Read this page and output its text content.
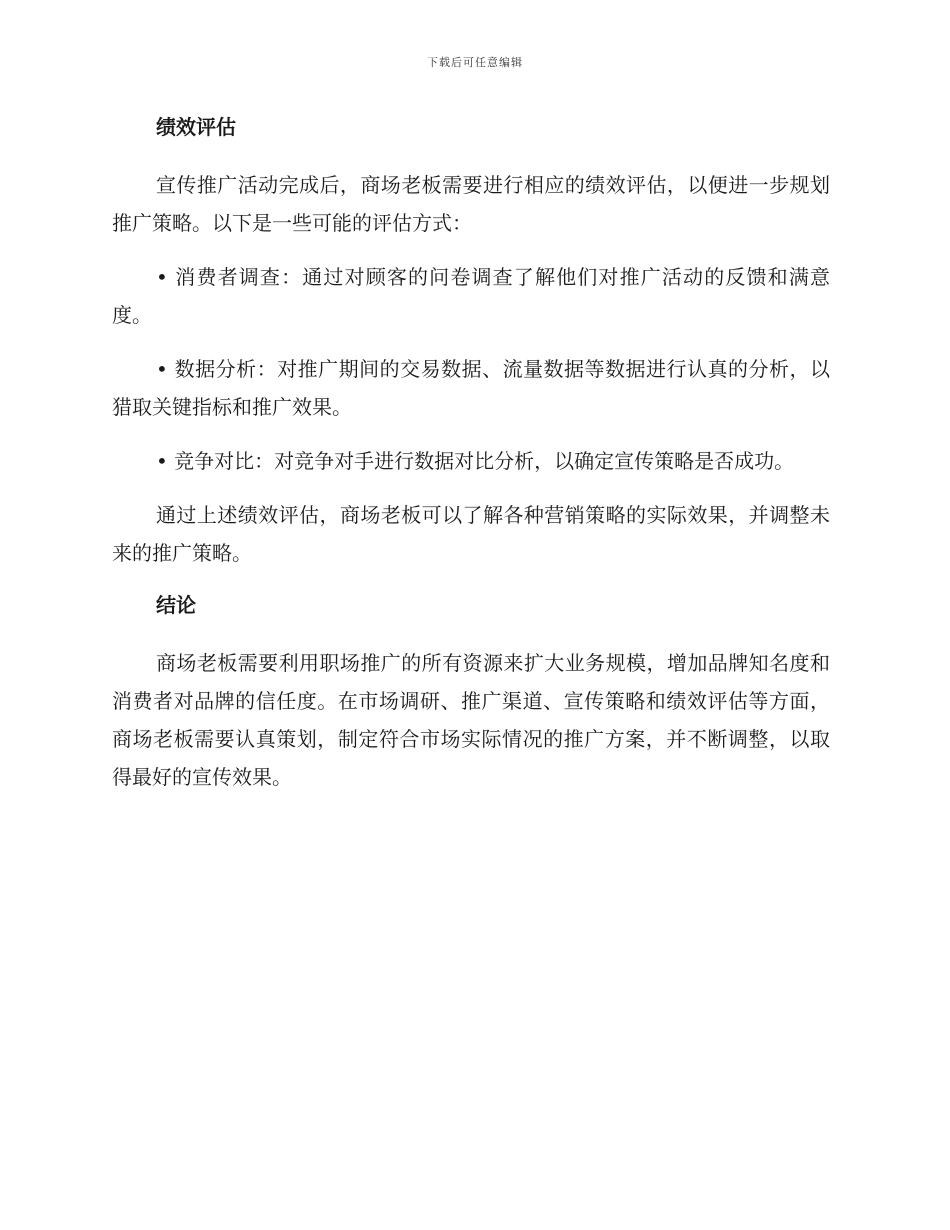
下载后可任意编辑
绩效评估

宣传推广活动完成后，商场老板需要进行相应的绩效评估，以便进一步规划推广策略。以下是一些可能的评估方式：

• 消费者调查：通过对顾客的问卷调查了解他们对推广活动的反馈和满意度。

• 数据分析：对推广期间的交易数据、流量数据等数据进行认真的分析，以猎取关键指标和推广效果。

• 竞争对比：对竞争对手进行数据对比分析，以确定宣传策略是否成功。

通过上述绩效评估，商场老板可以了解各种营销策略的实际效果，并调整未来的推广策略。

结论

商场老板需要利用职场推广的所有资源来扩大业务规模，增加品牌知名度和消费者对品牌的信任度。在市场调研、推广渠道、宣传策略和绩效评估等方面，商场老板需要认真策划，制定符合市场实际情况的推广方案，并不断调整，以取得最好的宣传效果。
